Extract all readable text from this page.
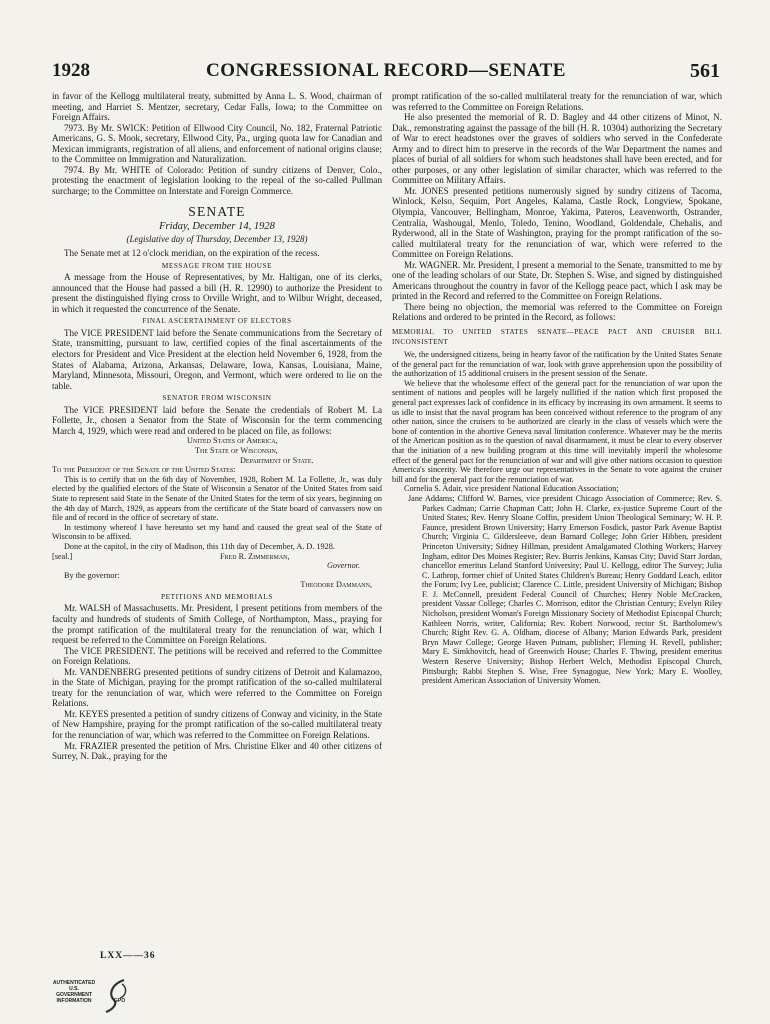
1928	CONGRESSIONAL RECORD—SENATE	561

in favor of the Kellogg multilateral treaty, submitted by Anna L. S. Wood, chairman of meeting, and Harriet S. Mentzer, secretary, Cedar Falls, Iowa; to the Committee on Foreign Affairs.

7973. By Mr. SWICK: Petition of Ellwood City Council, No. 182, Fraternal Patriotic Americans, G. S. Mook, secretary, Ellwood City, Pa., urging quota law for Canadian and Mexican immigrants, registration of all aliens, and enforcement of national origins clause; to the Committee on Immigration and Naturalization.

7974. By Mr. WHITE of Colorado: Petition of sundry citizens of Denver, Colo., protesting the enactment of legislation looking to the repeal of the so-called Pullman surcharge; to the Committee on Interstate and Foreign Commerce.

SENATE
Friday, December 14, 1928
(Legislative day of Thursday, December 13, 1928)

The Senate met at 12 o'clock meridian, on the expiration of the recess.

MESSAGE FROM THE HOUSE

A message from the House of Representatives, by Mr. Haltigan, one of its clerks, announced that the House had passed a bill (H. R. 12990) to authorize the President to present the distinguished flying cross to Orville Wright, and to Wilbur Wright, deceased, in which it requested the concurrence of the Senate.

FINAL ASCERTAINMENT OF ELECTORS

The VICE PRESIDENT laid before the Senate communications from the Secretary of State, transmitting, pursuant to law, certified copies of the final ascertainments of the electors for President and Vice President at the election held November 6, 1928, from the States of Alabama, Arizona, Arkansas, Delaware, Iowa, Kansas, Louisiana, Maine, Maryland, Minnesota, Missouri, Oregon, and Vermont, which were ordered to lie on the table.

SENATOR FROM WISCONSIN

The VICE PRESIDENT laid before the Senate the credentials of Robert M. La Follette, Jr., chosen a Senator from the State of Wisconsin for the term commencing March 4, 1929, which were read and ordered to be placed on file, as follows:

United States of America,
The State of Wisconsin,
Department of State.

To the President of the Senate of the United States:

This is to certify that on the 6th day of November, 1928, Robert M. La Follette, Jr., was duly elected by the qualified electors of the State of Wisconsin a Senator of the United States from said State to represent said State in the Senate of the United States for the term of six years, beginning on the 4th day of March, 1929, as appears from the certificate of the State board of canvassers now on file and of record in the office of secretary of state.

In testimony whereof I have hereunto set my hand and caused the great seal of the State of Wisconsin to be affixed.

Done at the capitol, in the city of Madison, this 11th day of December, A. D. 1928.

[seal.]	Fred R. Zimmerman,
Governor.
By the governor:
Theodore Dammann,
PETITIONS AND MEMORIALS

Mr. WALSH of Massachusetts. Mr. President, I present petitions from members of the faculty and hundreds of students of Smith College, of Northampton, Mass., praying for the prompt ratification of the multilateral treaty for the renunciation of war, which I request be referred to the Committee on Foreign Relations.

The VICE PRESIDENT. The petitions will be received and referred to the Committee on Foreign Relations.

Mr. VANDENBERG presented petitions of sundry citizens of Detroit and Kalamazoo, in the State of Michigan, praying for the prompt ratification of the so-called multilateral treaty for the renunciation of war, which were referred to the Committee on Foreign Relations.

Mr. KEYES presented a petition of sundry citizens of Conway and vicinity, in the State of New Hampshire, praying for the prompt ratification of the so-called multilateral treaty for the renunciation of war, which was referred to the Committee on Foreign Relations.

Mr. FRAZIER presented the petition of Mrs. Christine Elker and 40 other citizens of Surrey, N. Dak., praying for the

prompt ratification of the so-called multilateral treaty for the renunciation of war, which was referred to the Committee on Foreign Relations.

He also presented the memorial of R. D. Bagley and 44 other citizens of Minot, N. Dak., remonstrating against the passage of the bill (H. R. 10304) authorizing the Secretary of War to erect headstones over the graves of soldiers who served in the Confederate Army and to direct him to preserve in the records of the War Department the names and places of burial of all soldiers for whom such headstones shall have been erected, and for other purposes, or any other legislation of similar character, which was referred to the Committee on Military Affairs.

Mr. JONES presented petitions numerously signed by sundry citizens of Tacoma, Winlock, Kelso, Sequim, Port Angeles, Kalama, Castle Rock, Longview, Spokane, Olympia, Vancouver, Bellingham, Monroe, Yakima, Pateros, Leavenworth, Ostrander, Centralia, Washougal, Menlo, Toledo, Tenino, Woodland, Goldendale, Chehalis, and Ryderwood, all in the State of Washington, praying for the prompt ratification of the so-called multilateral treaty for the renunciation of war, which were referred to the Committee on Foreign Relations.

Mr. WAGNER. Mr. President, I present a memorial to the Senate, transmitted to me by one of the leading scholars of our State, Dr. Stephen S. Wise, and signed by distinguished Americans throughout the country in favor of the Kellogg peace pact, which I ask may be printed in the Record and referred to the Committee on Foreign Relations.

There being no objection, the memorial was referred to the Committee on Foreign Relations and ordered to be printed in the Record, as follows:

MEMORIAL TO UNITED STATES SENATE—PEACE PACT AND CRUISER BILL INCONSISTENT

We, the undersigned citizens, being in hearty favor of the ratification by the United States Senate of the general pact for the renunciation of war, look with grave apprehension upon the possibility of the authorization of 15 additional cruisers in the present session of the Senate.

We believe that the wholesome effect of the general pact for the renunciation of war upon the sentiment of nations and peoples will be largely nullified if the nation which first proposed the general pact expresses lack of confidence in its efficacy by increasing its own armament. It seems to us idle to insist that the naval program has been conceived without reference to the program of any other nation, since the cruisers to be authorized are clearly in the class of vessels which were the bone of contention in the abortive Geneva naval limitation conference. Whatever may be the merits of the American position as to the question of naval disarmament, it must be clear to every observer that the initiation of a new building program at this time will inevitably imperil the wholesome effect of the general pact for the renunciation of war and will give other nations occasion to question America's sincerity. We therefore urge our representatives in the Senate to vote against the cruiser bill and for the general pact for the renunciation of war.

Cornelia S. Adair, vice president National Education Association;

Jane Addams; Clifford W. Barnes, vice president Chicago Association of Commerce; Rev. S. Parkes Cadman; Carrie Chapman Catt; John H. Clarke, ex-justice Supreme Court of the United States; Rev. Henry Sloane Coffin, president Union Theological Seminary; W. H. P. Faunce, president Brown University; Harry Emerson Fosdick, pastor Park Avenue Baptist Church; Virginia C. Gildersleeve, dean Barnard College; John Grier Hibben, president Princeton University; Sidney Hillman, president Amalgamated Clothing Workers; Harvey Ingham, editor Des Moines Register; Rev. Burris Jenkins, Kansas City; David Starr Jordan, chancellor emeritus Leland Stanford University; Paul U. Kellogg, editor The Survey; Julia C. Lathrop, former chief of United States Children's Bureau; Henry Goddard Leach, editor the Forum; Ivy Lee, publicist; Clarence C. Little, president University of Michigan; Bishop F. J. McConnell, president Federal Council of Churches; Henry Noble McCracken, president Vassar College; Charles C. Morrison, editor the Christian Century; Evelyn Riley Nicholson, president Woman's Foreign Missionary Society of Methodist Episcopal Church; Kathleen Norris, writer, California; Rev. Robert Norwood, rector St. Bartholomew's Church; Right Rev. G. A. Oldham, diocese of Albany; Marion Edwards Park, president Bryn Mawr College; George Haven Putnam, publisher; Fleming H. Revell, publisher; Mary E. Simkhovitch, head of Greenwich House; Charles F. Thwing, president emeritus Western Reserve University; Bishop Herbert Welch, Methodist Episcopal Church, Pittsburgh; Rabbi Stephen S. Wise, Free Synagogue, New York; Mary E. Woolley, president American Association of University Women.

LXX——36
AUTHENTICATED U.S. GOVERNMENT INFORMATION	GPO
